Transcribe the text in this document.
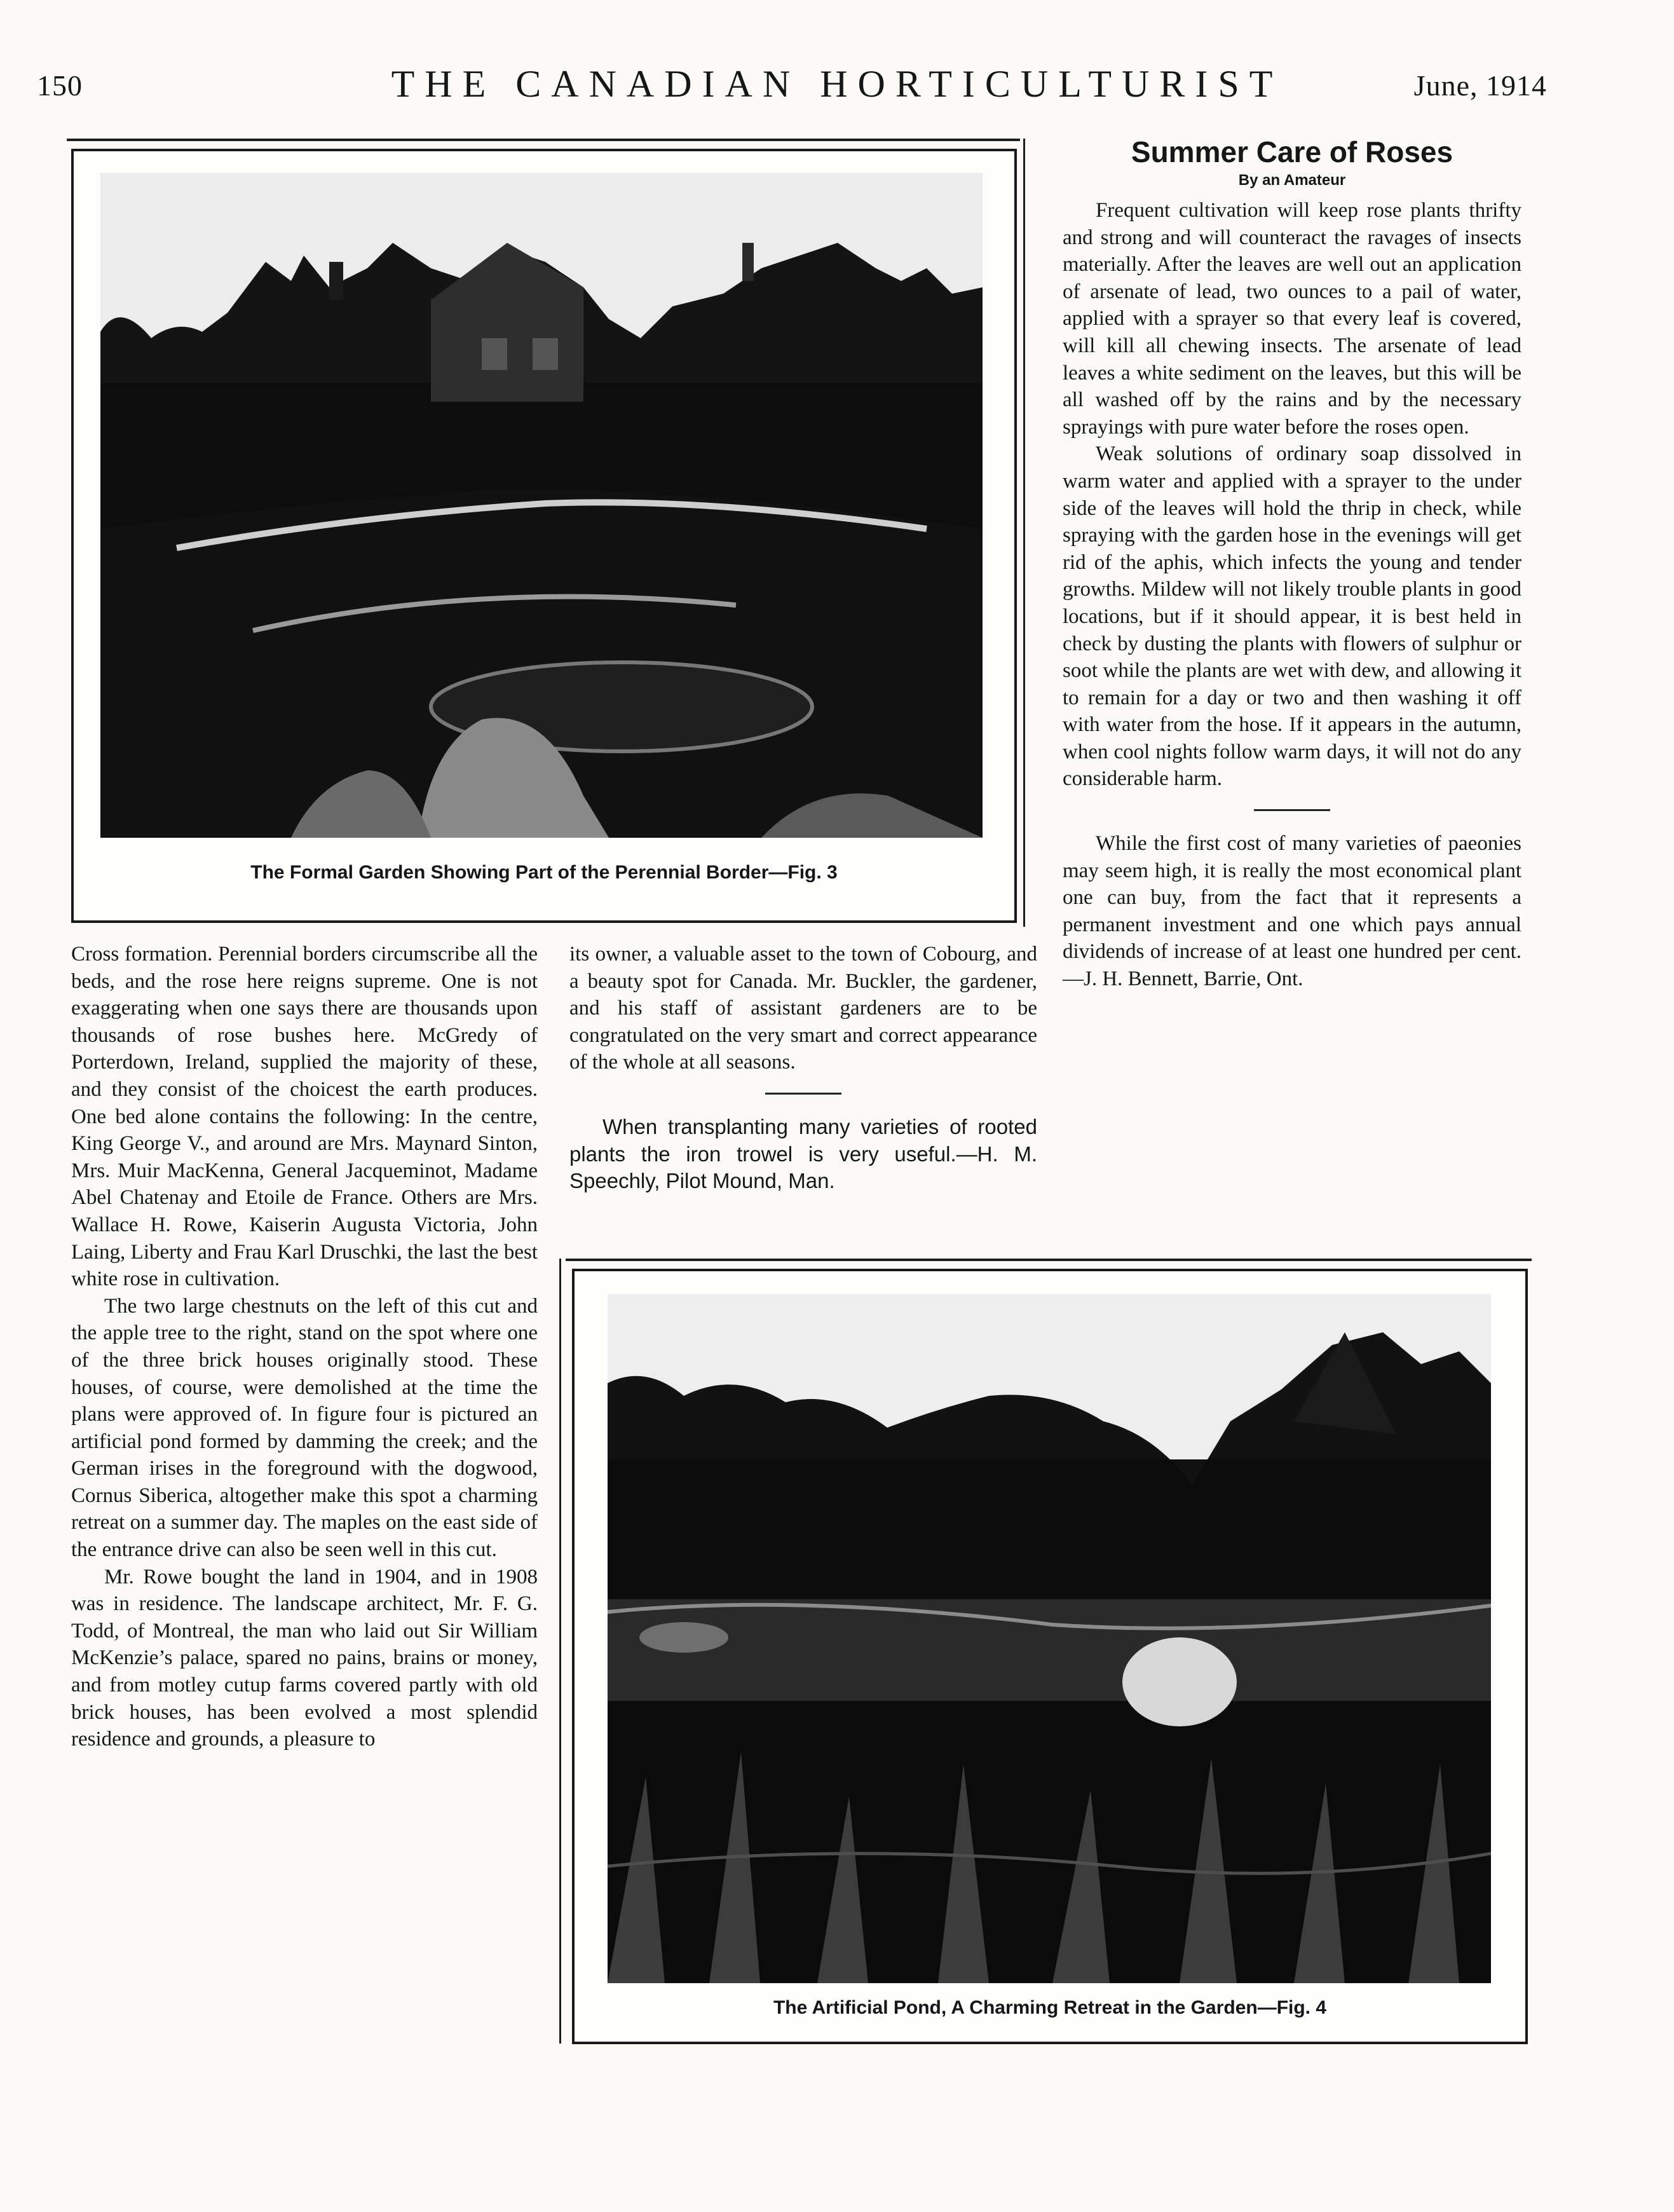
150	THE CANADIAN HORTICULTURIST	June, 1914
The Formal Garden Showing Part of the Perennial Border—Fig. 3
Summer Care of Roses
By an Amateur

Frequent cultivation will keep rose plants thrifty and strong and will counteract the ravages of insects materially. After the leaves are well out an application of arsenate of lead, two ounces to a pail of water, applied with a sprayer so that every leaf is covered, will kill all chewing insects. The arsenate of lead leaves a white sediment on the leaves, but this will be all washed off by the rains and by the necessary sprayings with pure water before the roses open.

Weak solutions of ordinary soap dissolved in warm water and applied with a sprayer to the under side of the leaves will hold the thrip in check, while spraying with the garden hose in the evenings will get rid of the aphis, which infects the young and tender growths. Mildew will not likely trouble plants in good locations, but if it should appear, it is best held in check by dusting the plants with flowers of sulphur or soot while the plants are wet with dew, and allowing it to remain for a day or two and then washing it off with water from the hose. If it appears in the autumn, when cool nights follow warm days, it will not do any considerable harm.

While the first cost of many varieties of paeonies may seem high, it is really the most economical plant one can buy, from the fact that it represents a permanent investment and one which pays annual dividends of increase of at least one hundred per cent.—J. H. Bennett, Barrie, Ont.

Cross formation. Perennial borders circumscribe all the beds, and the rose here reigns supreme. One is not exaggerating when one says there are thousands upon thousands of rose bushes here. McGredy of Porterdown, Ireland, supplied the majority of these, and they consist of the choicest the earth produces. One bed alone contains the following: In the centre, King George V., and around are Mrs. Maynard Sinton, Mrs. Muir MacKenna, General Jacqueminot, Madame Abel Chatenay and Etoile de France. Others are Mrs. Wallace H. Rowe, Kaiserin Augusta Victoria, John Laing, Liberty and Frau Karl Druschki, the last the best white rose in cultivation.

The two large chestnuts on the left of this cut and the apple tree to the right, stand on the spot where one of the three brick houses originally stood. These houses, of course, were demolished at the time the plans were approved of. In figure four is pictured an artificial pond formed by damming the creek; and the German irises in the foreground with the dogwood, Cornus Siberica, altogether make this spot a charming retreat on a summer day. The maples on the east side of the entrance drive can also be seen well in this cut.

Mr. Rowe bought the land in 1904, and in 1908 was in residence. The landscape architect, Mr. F. G. Todd, of Montreal, the man who laid out Sir William McKenzie’s palace, spared no pains, brains or money, and from motley cutup farms covered partly with old brick houses, has been evolved a most splendid residence and grounds, a pleasure to

its owner, a valuable asset to the town of Cobourg, and a beauty spot for Canada. Mr. Buckler, the gardener, and his staff of assistant gardeners are to be congratulated on the very smart and correct appearance of the whole at all seasons.

When transplanting many varieties of rooted plants the iron trowel is very useful.—H. M. Speechly, Pilot Mound, Man.

The Artificial Pond, A Charming Retreat in the Garden—Fig. 4
